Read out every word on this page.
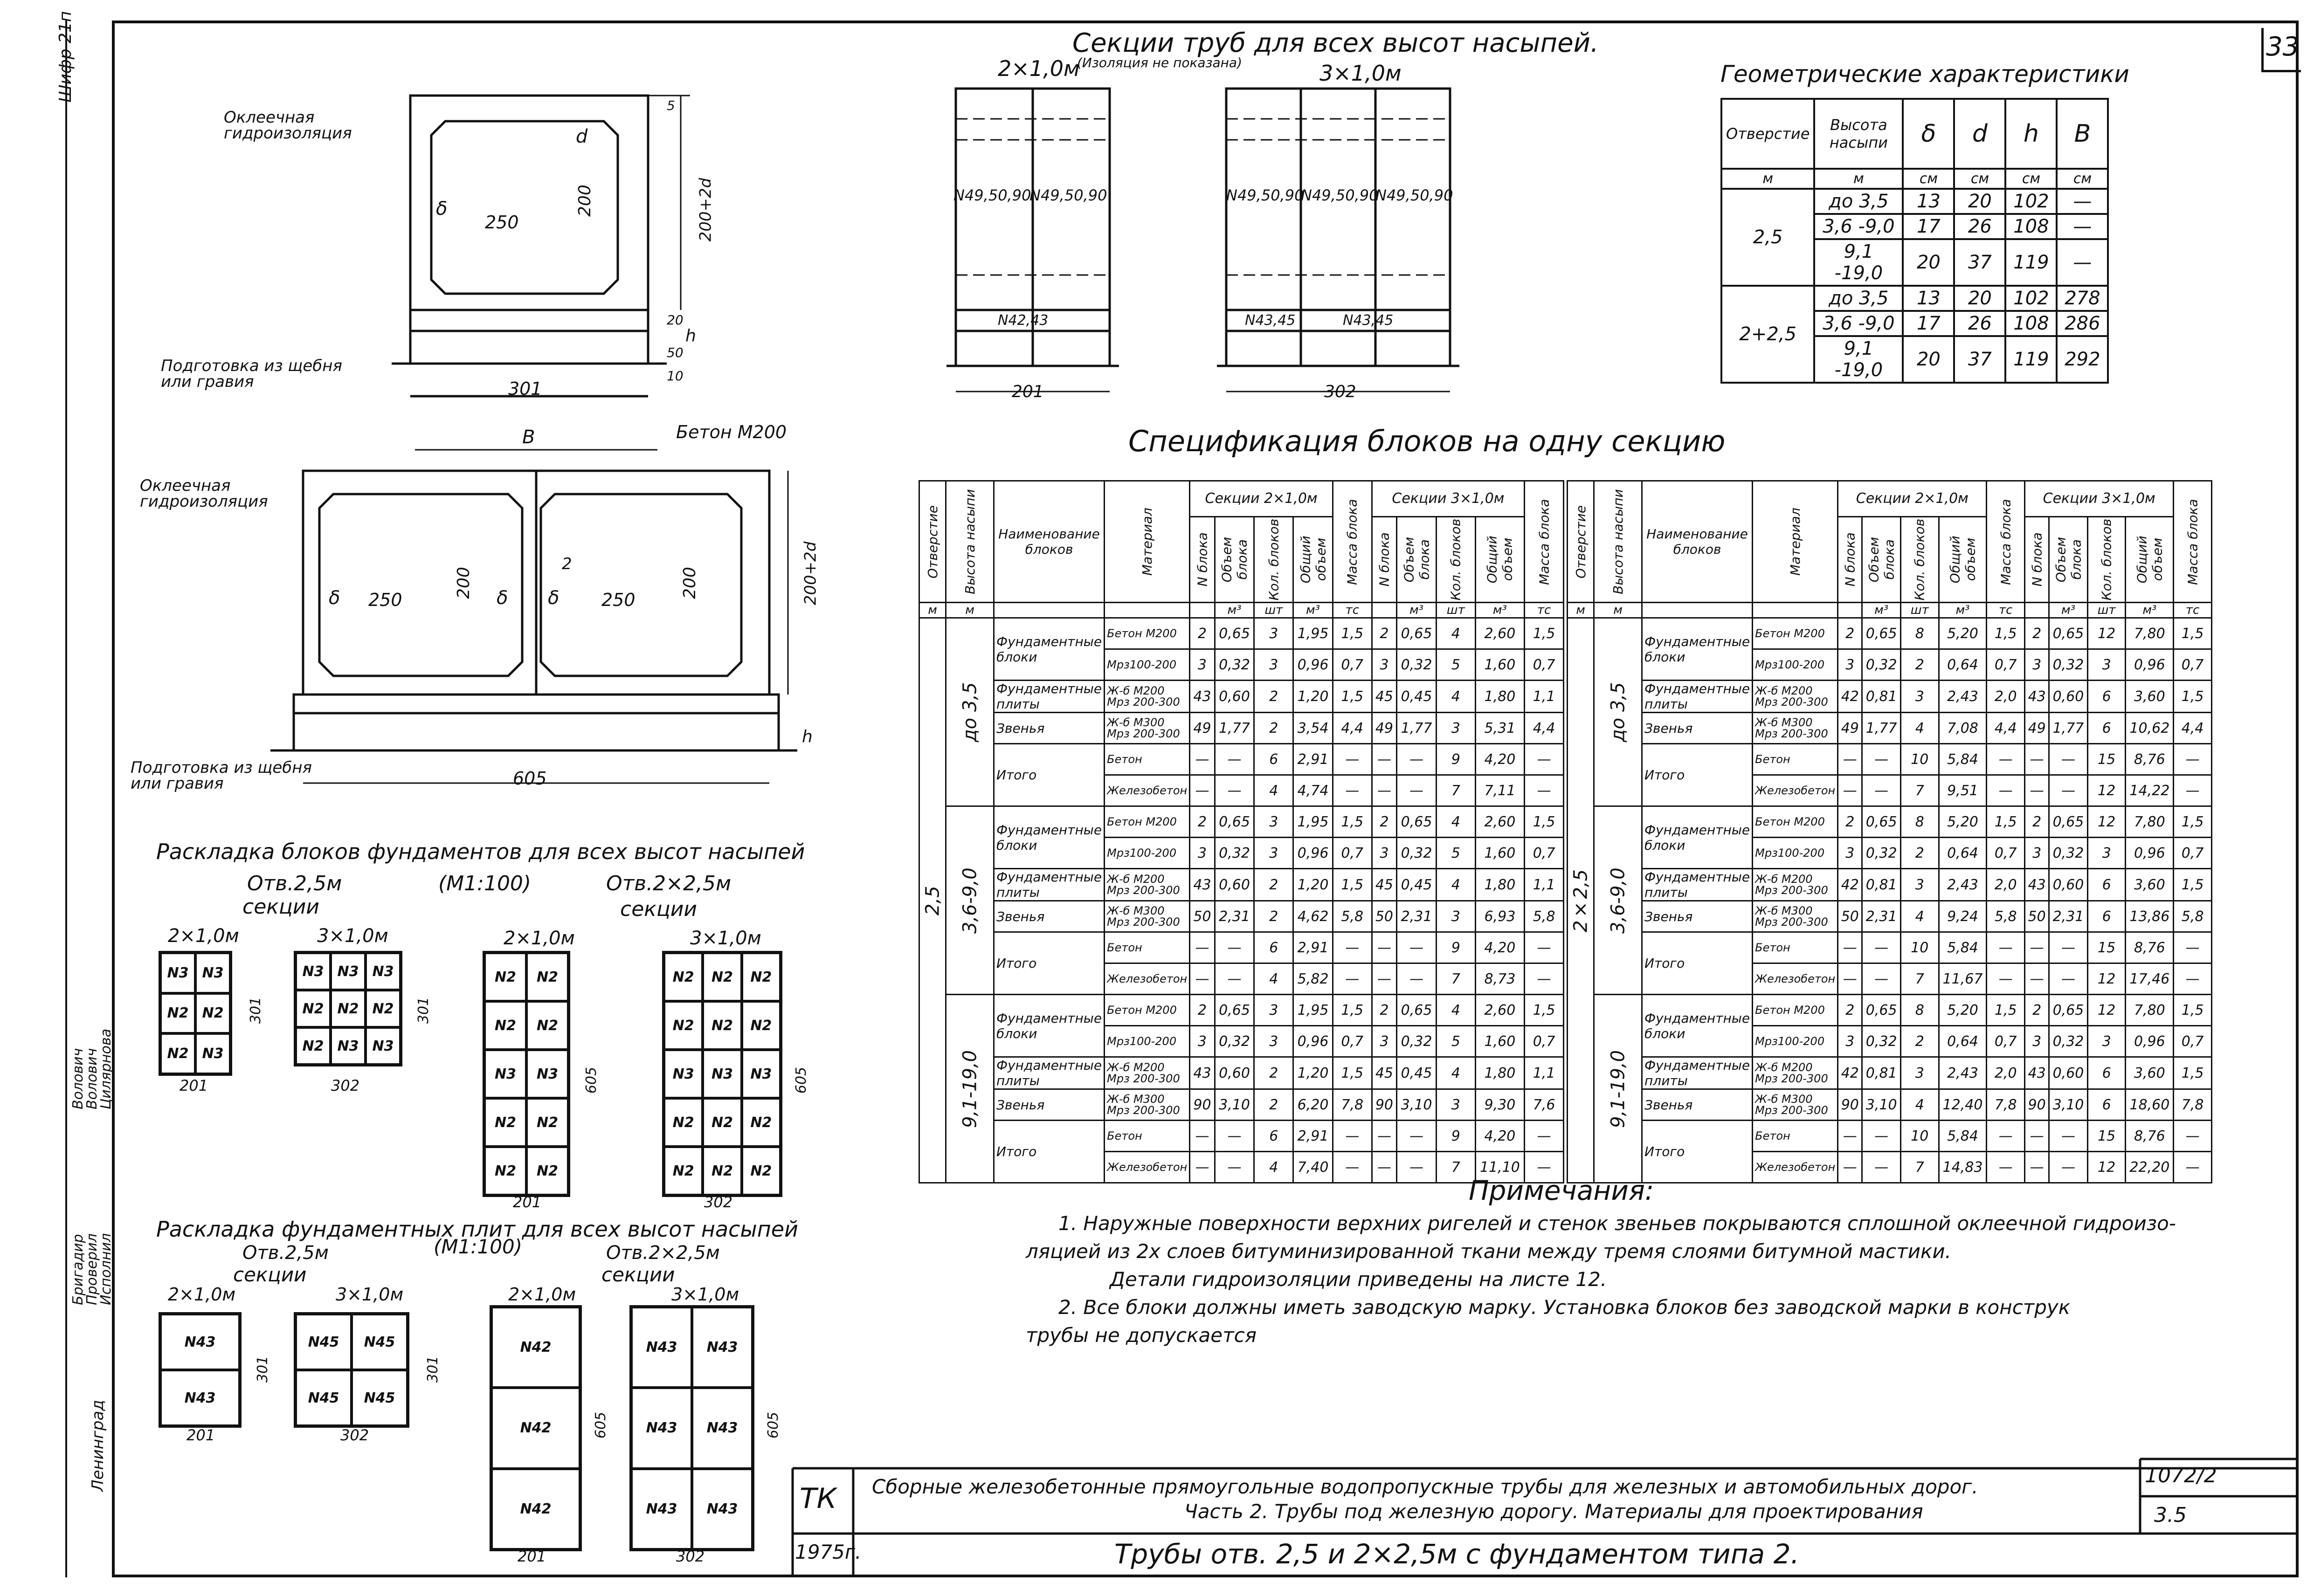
33
Шифр 21п
Бригадир
Проверил
Исполнил
Волович
Волович
Цилярнова
Ленинград
Оклеечная гидроизоляция
Подготовка из щебня или гравия
250
200
δ
d
200+2d
5
20
50
h
10
301
В	Бетон М200
Оклеечная гидроизоляция
Подготовка из щебня или гравия
250	250
200	200
δ	δ δ
2	200+2d
h
605
Секции труб для всех высот насыпей.
2×1,0м
(Изоляция не показана)	3×1,0м
N49,50,90
N49,50,90	N49,50,90
N49,50,90
N49,50,90
N42,43	N43,45	N43,45
201	302
Геометрические характеристики
Отверстие	Высота насыпи	δ	d	h	В
м	м	см	см	см	см
2,5	до 3,5	13	20	102	—
	3,6 -9,0	17	26	108	—
	9,1 -19,0	20	37	119	—
2+2,5	до 3,5	13	20	102	278
	3,6 -9,0	17	26	108	286
	9,1 -19,0	20	37	119	292
Спецификация блоков на одну секцию
Отверстие	Высота насыпи	Наименование блоков	Материал	Секции 2×1,0м				Масса блока	Секции 3×1,0м				Масса блока
				N блока	Объем блока	Кол. блоков	Общий объем		N блока	Объем блока	Кол. блоков	Общий объем	
м	м				м³	шт	м³	тс		м³	шт	м³	тс
2,5	до 3,5	Фундаментные блоки	Бетон М200	2	0,65	3	1,95	1,5	2	0,65	4	2,60	1,5
			Мрз100-200	3	0,32	3	0,96	0,7	3	0,32	5	1,60	0,7
		Фундаментные плиты	Ж-б М200 Мрз 200-300	43	0,60	2	1,20	1,5	45	0,45	4	1,80	1,1
		Звенья	Ж-б М300 Мрз 200-300	49	1,77	2	3,54	4,4	49	1,77	3	5,31	4,4
		Итого	Бетон	—	—	6	2,91	—	—	—	9	4,20	—
			Железобетон	—	—	4	4,74	—	—	—	7	7,11	—
	3,6-9,0	Фундаментные блоки	Бетон М200	2	0,65	3	1,95	1,5	2	0,65	4	2,60	1,5
			Мрз100-200	3	0,32	3	0,96	0,7	3	0,32	5	1,60	0,7
		Фундаментные плиты	Ж-б М200 Мрз 200-300	43	0,60	2	1,20	1,5	45	0,45	4	1,80	1,1
		Звенья	Ж-б М300 Мрз 200-300	50	2,31	2	4,62	5,8	50	2,31	3	6,93	5,8
		Итого	Бетон	—	—	6	2,91	—	—	—	9	4,20	—
			Железобетон	—	—	4	5,82	—	—	—	7	8,73	—
	9,1-19,0	Фундаментные блоки	Бетон М200	2	0,65	3	1,95	1,5	2	0,65	4	2,60	1,5
			Мрз100-200	3	0,32	3	0,96	0,7	3	0,32	5	1,60	0,7
		Фундаментные плиты	Ж-б М200 Мрз 200-300	43	0,60	2	1,20	1,5	45	0,45	4	1,80	1,1
		Звенья	Ж-б М300 Мрз 200-300	90	3,10	2	6,20	7,8	90	3,10	3	9,30	7,6
		Итого	Бетон	—	—	6	2,91	—	—	—	9	4,20	—
			Железобетон	—	—	4	7,40	—	—	—	7	11,10	—
Отверстие	Высота насыпи	Наименование блоков	Материал	Секции 2×1,0м				Масса блока	Секции 3×1,0м				Масса блока
				N блока	Объем блока	Кол. блоков	Общий объем		N блока	Объем блока	Кол. блоков	Общий объем	
м	м				м³	шт	м³	тс		м³	шт	м³	тс
2×2,5	до 3,5	Фундаментные блоки	Бетон М200	2	0,65	8	5,20	1,5	2	0,65	12	7,80	1,5
			Мрз100-200	3	0,32	2	0,64	0,7	3	0,32	3	0,96	0,7
		Фундаментные плиты	Ж-б М200 Мрз 200-300	42	0,81	3	2,43	2,0	43	0,60	6	3,60	1,5
		Звенья	Ж-б М300 Мрз 200-300	49	1,77	4	7,08	4,4	49	1,77	6	10,62	4,4
		Итого	Бетон	—	—	10	5,84	—	—	—	15	8,76	—
			Железобетон	—	—	7	9,51	—	—	—	12	14,22	—
	3,6-9,0	Фундаментные блоки	Бетон М200	2	0,65	8	5,20	1,5	2	0,65	12	7,80	1,5
			Мрз100-200	3	0,32	2	0,64	0,7	3	0,32	3	0,96	0,7
		Фундаментные плиты	Ж-б М200 Мрз 200-300	42	0,81	3	2,43	2,0	43	0,60	6	3,60	1,5
		Звенья	Ж-б М300 Мрз 200-300	50	2,31	4	9,24	5,8	50	2,31	6	13,86	5,8
		Итого	Бетон	—	—	10	5,84	—	—	—	15	8,76	—
			Железобетон	—	—	7	11,67	—	—	—	12	17,46	—
	9,1-19,0	Фундаментные блоки	Бетон М200	2	0,65	8	5,20	1,5	2	0,65	12	7,80	1,5
			Мрз100-200	3	0,32	2	0,64	0,7	3	0,32	3	0,96	0,7
		Фундаментные плиты	Ж-б М200 Мрз 200-300	42	0,81	3	2,43	2,0	43	0,60	6	3,60	1,5
		Звенья	Ж-б М300 Мрз 200-300	90	3,10	4	12,40	7,8	90	3,10	6	18,60	7,8
		Итого	Бетон	—	—	10	5,84	—	—	—	15	8,76	—
			Железобетон	—	—	7	14,83	—	—	—	12	22,20	—
Раскладка блоков фундаментов для всех высот насыпей
(М1:100)
Отв.2,5м
секции
Отв.2×2,5м
секции
2×1,0м
N3 N3
N2 N2
N2 N3
201
301
3×1,0м
N3 N3 N3
N2 N2 N2
N2 N3 N3
302
301
2×1,0м
N2	N2
N2	N2
N3	N3
N2	N2
N2	N2
201
605
3×1,0м
N2	N2	N2
N2	N2	N2
N3	N3	N3
N2	N2	N2
N2	N2	N2
302
605
Раскладка фундаментных плит для всех высот насыпей
Отв.2,5м	(М1:100)	Отв.2×2,5м
секции	секции
2×1,0м
N43
N43
201
301
3×1,0м
N45	N45
N45	N45
302
301
2×1,0м
N42
N42
N42
201
605
3×1,0м
N43	N43
N43	N43
N43	N43
302
605
Примечания:
1. Наружные поверхности верхних ригелей и стенок звеньев покрываются сплошной оклеечной гидроизо-
ляцией из 2х слоев битуминизированной ткани между тремя слоями битумной мастики.
Детали гидроизоляции приведены на листе 12.
2. Все блоки должны иметь заводскую марку. Установка блоков без заводской марки в конструк
трубы не допускается
ТК
1975г.
Сборные железобетонные прямоугольные водопропускные трубы для железных и автомобильных дорог.
Часть 2. Трубы под железную дорогу. Материалы для проектирования
Трубы отв. 2,5 и 2×2,5м с фундаментом типа 2.
1072/2
3.5
